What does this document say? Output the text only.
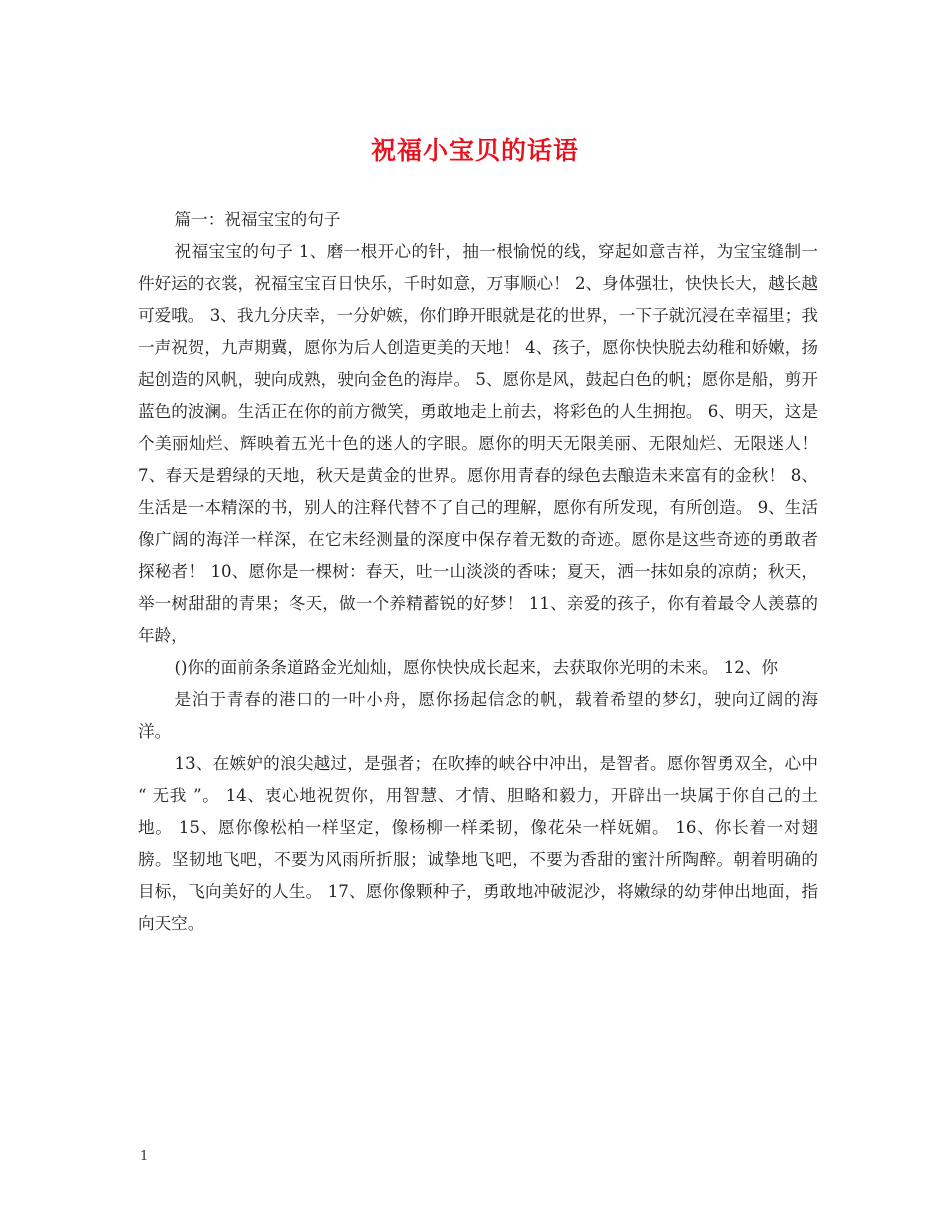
祝福小宝贝的话语

篇一：祝福宝宝的句子

祝福宝宝的句子 1、磨一根开心的针，抽一根愉悦的线，穿起如意吉祥，为宝宝缝制一件好运的衣裳，祝福宝宝百日快乐，千时如意，万事顺心！ 2、身体强壮，快快长大，越长越可爱哦。 3、我九分庆幸，一分妒嫉，你们睁开眼就是花的世界，一下子就沉浸在幸福里；我一声祝贺，九声期冀，愿你为后人创造更美的天地！ 4、孩子，愿你快快脱去幼稚和娇嫩，扬起创造的风帆，驶向成熟，驶向金色的海岸。 5、愿你是风，鼓起白色的帆；愿你是船，剪开蓝色的波澜。生活正在你的前方微笑，勇敢地走上前去，将彩色的人生拥抱。 6、明天，这是个美丽灿烂、辉映着五光十色的迷人的字眼。愿你的明天无限美丽、无限灿烂、无限迷人！ 7、春天是碧绿的天地，秋天是黄金的世界。愿你用青春的绿色去酿造未来富有的金秋！ 8、生活是一本精深的书，别人的注释代替不了自己的理解，愿你有所发现，有所创造。 9、生活像广阔的海洋一样深，在它未经测量的深度中保存着无数的奇迹。愿你是这些奇迹的勇敢者探秘者！ 10、愿你是一棵树：春天，吐一山淡淡的香味；夏天，洒一抹如泉的凉荫；秋天，举一树甜甜的青果；冬天，做一个养精蓄锐的好梦！ 11、亲爱的孩子，你有着最令人羡慕的年龄，

()你的面前条条道路金光灿灿，愿你快快成长起来，去获取你光明的未来。 12、你

是泊于青春的港口的一叶小舟，愿你扬起信念的帆，载着希望的梦幻，驶向辽阔的海洋。

13、在嫉妒的浪尖越过，是强者；在吹捧的峡谷中冲出，是智者。愿你智勇双全，心中 “ 无我 ”。 14、衷心地祝贺你，用智慧、才情、胆略和毅力，开辟出一块属于你自己的土地。 15、愿你像松柏一样坚定，像杨柳一样柔韧，像花朵一样妩媚。 16、你长着一对翅膀。坚韧地飞吧，不要为风雨所折服；诚挚地飞吧，不要为香甜的蜜汁所陶醉。朝着明确的目标，飞向美好的人生。 17、愿你像颗种子，勇敢地冲破泥沙，将嫩绿的幼芽伸出地面，指向天空。

1
